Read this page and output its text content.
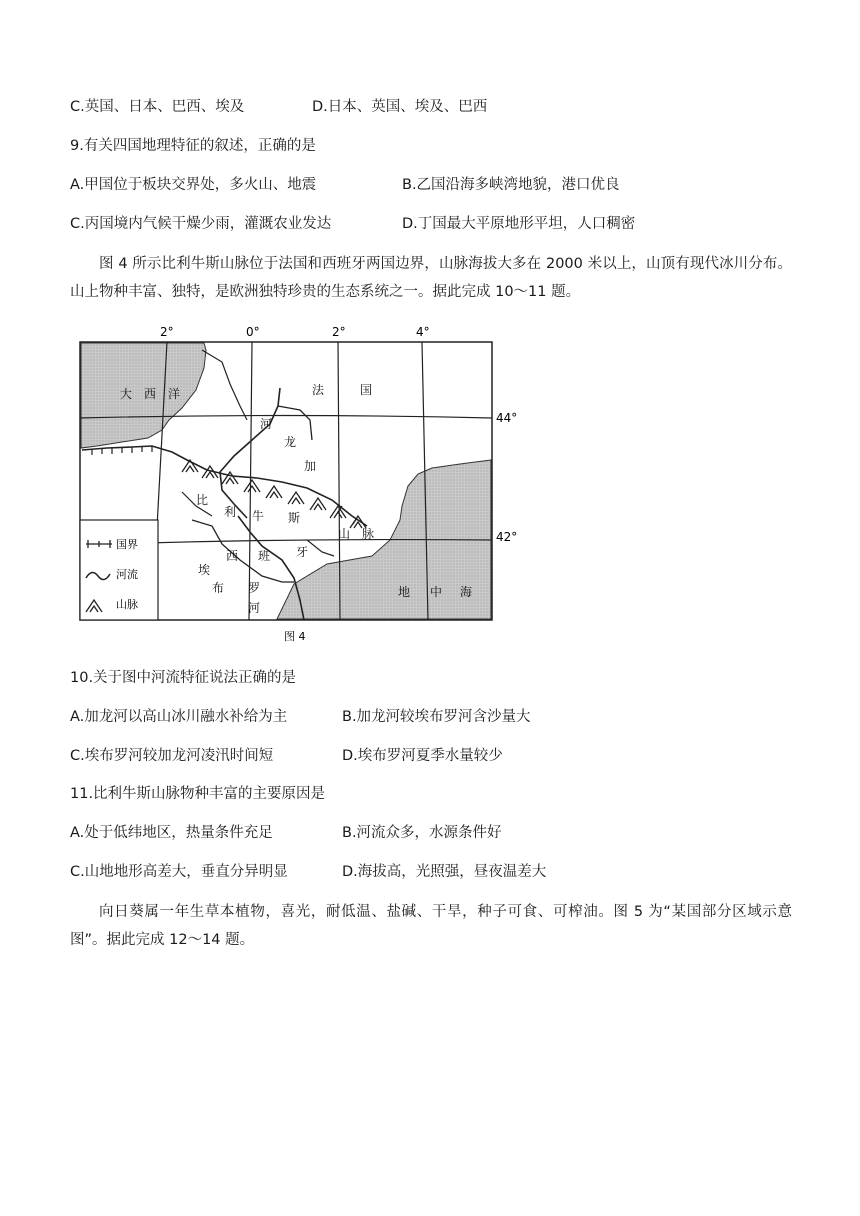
C.英国、日本、巴西、埃及	D.日本、英国、埃及、巴西
9.有关四国地理特征的叙述，正确的是
A.甲国位于板块交界处，多火山、地震	B.乙国沿海多峡湾地貌，港口优良
C.丙国境内气候干燥少雨，灌溉农业发达	D.丁国最大平原地形平坦，人口稠密
图 4 所示比利牛斯山脉位于法国和西班牙两国边界，山脉海拔大多在 2000 米以上，山顶有现代冰川分布。山上物种丰富、独特，是欧洲独特珍贵的生态系统之一。据此完成 10～11 题。
国界
河流
山脉
2°	0°	2°	4°
44°
42°
大 西 洋	法	国
河
龙
加
比
利 牛 斯
山 脉
西 班 牙
埃
布 罗
河
地 中 海
图 4
10.关于图中河流特征说法正确的是
A.加龙河以高山冰川融水补给为主	B.加龙河较埃布罗河含沙量大
C.埃布罗河较加龙河凌汛时间短	D.埃布罗河夏季水量较少
11.比利牛斯山脉物种丰富的主要原因是
A.处于低纬地区，热量条件充足	B.河流众多，水源条件好
C.山地地形高差大，垂直分异明显	D.海拔高，光照强，昼夜温差大
向日葵属一年生草本植物，喜光，耐低温、盐碱、干旱，种子可食、可榨油。图 5 为“某国部分区域示意图”。据此完成 12～14 题。
